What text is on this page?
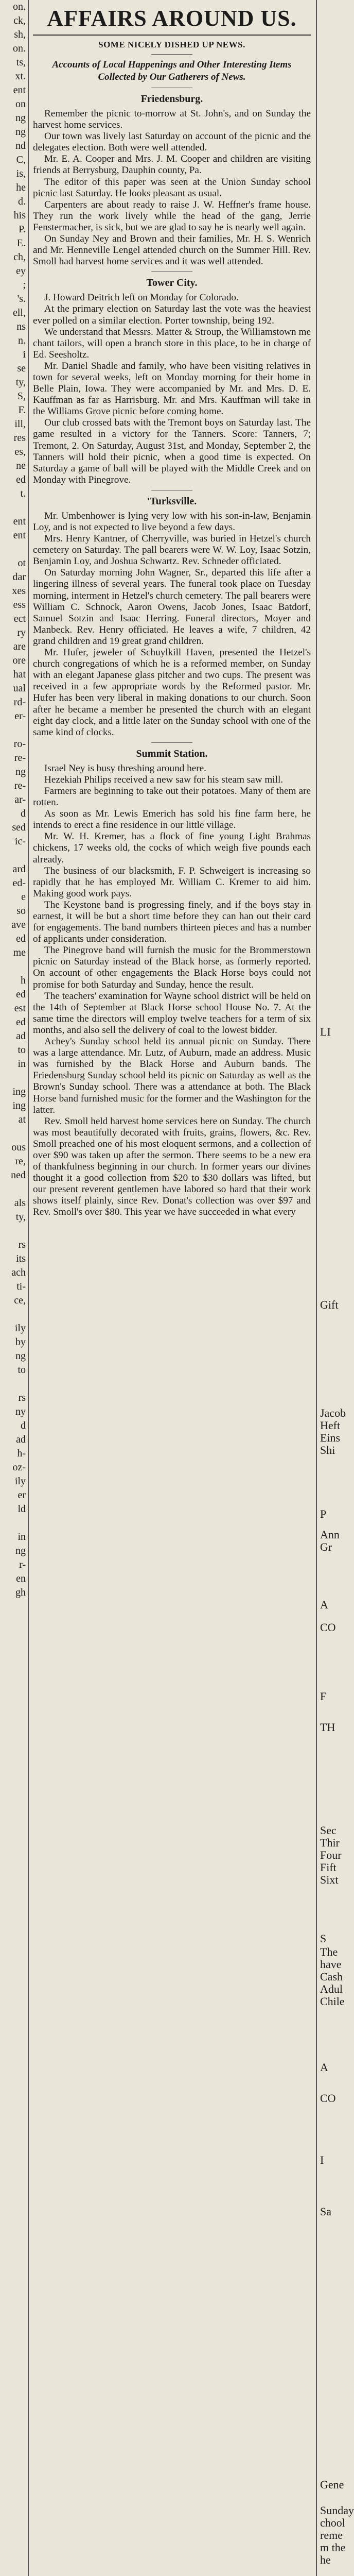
on.
ck,
sh,
on.
ts,
xt.
ent
on
ng
ng
nd
C,
is,
he
d.
his
P.
E.
ch,
ey
;
's.
ell,
ns
n.
i
se
ty,
S,
F.
ill,
res
es,
ne
ed
t.
ent
ent
ot
dar
xes
ess
ect
ry
are
ore
hat
ual
rd-
er-
ro-
re-
ng
re-
ar-
d
sed
ic-
ard
ed-
e
so
ave
ed
me
h
ed
est
ed
ad
to
in
ing
ing
at
ous
re,
ned
als
ty,
rs
its
ach
ti-
ce,
ily
by
ng
to
rs
ny
d
ad
h-
oz-
ily
er
ld
in
ng
r-
en
gh
AFFAIRS AROUND US.
SOME NICELY DISHED UP NEWS.
Accounts of Local Happenings and Other Interesting Items Collected by Our Gatherers of News.
Friedensburg.

Remember the picnic to-morrow at St. John's, and on Sunday the harvest home services.

Our town was lively last Saturday on account of the picnic and the delegates election. Both were well attended.

Mr. E. A. Cooper and Mrs. J. M. Cooper and children are visiting friends at Berrysburg, Dauphin county, Pa.

The editor of this paper was seen at the Union Sunday school picnic last Saturday. He looks pleasant as usual.

Carpenters are about ready to raise J. W. Heffner's frame house. They run the work lively while the head of the gang, Jerrie Fenstermacher, is sick, but we are glad to say he is nearly well again.

On Sunday Ney and Brown and their families, Mr. H. S. Wenrich and Mr. Henneville Lengel attended church on the Summer Hill. Rev. Smoll had harvest home services and it was well attended.

Tower City.

J. Howard Deitrich left on Monday for Colorado.

At the primary election on Saturday last the vote was the heaviest ever polled on a similar election. Porter township, being 192.

We understand that Messrs. Matter & Stroup, the Williamstown me chant tailors, will open a branch store in this place, to be in charge of Ed. Seesholtz.

Mr. Daniel Shadle and family, who have been visiting relatives in town for several weeks, left on Monday morning for their home in Belle Plain, Iowa. They were accompanied by Mr. and Mrs. D. E. Kauffman as far as Harrisburg. Mr. and Mrs. Kauffman will take in the Williams Grove picnic before coming home.

Our club crossed bats with the Tremont boys on Saturday last. The game resulted in a victory for the Tanners. Score: Tanners, 7; Tremont, 2. On Saturday, August 31st, and Monday, September 2, the Tanners will hold their picnic, when a good time is expected. On Saturday a game of ball will be played with the Middle Creek and on Monday with Pinegrove.

'Turksville.

Mr. Umbenhower is lying very low with his son-in-law, Benjamin Loy, and is not expected to live beyond a few days.

Mrs. Henry Kantner, of Cherryville, was buried in Hetzel's church cemetery on Saturday. The pall bearers were W. W. Loy, Isaac Sotzin, Benjamin Loy, and Joshua Schwartz. Rev. Schneder officiated.

On Saturday morning John Wagner, Sr., departed this life after a lingering illness of several years. The funeral took place on Tuesday morning, interment in Hetzel's church cemetery. The pall bearers were William C. Schnock, Aaron Owens, Jacob Jones, Isaac Batdorf, Samuel Sotzin and Isaac Herring. Funeral directors, Moyer and Manbeck. Rev. Henry officiated. He leaves a wife, 7 children, 42 grand children and 19 great grand children.

Mr. Hufer, jeweler of Schuylkill Haven, presented the Hetzel's church congregations of which he is a reformed member, on Sunday with an elegant Japanese glass pitcher and two cups. The present was received in a few appropriate words by the Reformed pastor. Mr. Hufer has been very liberal in making donations to our church. Soon after he became a member he presented the church with an elegant eight day clock, and a little later on the Sunday school with one of the same kind of clocks.

Summit Station.

Israel Ney is busy threshing around here.

Hezekiah Philips received a new saw for his steam saw mill.

Farmers are beginning to take out their potatoes. Many of them are rotten.

As soon as Mr. Lewis Emerich has sold his fine farm here, he intends to erect a fine residence in our little village.

Mr. W. H. Kremer, has a flock of fine young Light Brahmas chickens, 17 weeks old, the cocks of which weigh five pounds each already.

The business of our blacksmith, F. P. Schweigert is increasing so rapidly that he has employed Mr. William C. Kremer to aid him. Making good work pays.

The Keystone band is progressing finely, and if the boys stay in earnest, it will be but a short time before they can han out their card for engagements. The band numbers thirteen pieces and has a number of applicants under consideration.

The Pinegrove band will furnish the music for the Brommerstown picnic on Saturday instead of the Black horse, as formerly reported. On account of other engagements the Black Horse boys could not promise for both Saturday and Sunday, hence the result.

The teachers' examination for Wayne school district will be held on the 14th of September at Black Horse school House No. 7. At the same time the directors will employ twelve teachers for a term of six months, and also sell the delivery of coal to the lowest bidder.

Achey's Sunday school held its annual picnic on Sunday. There was a large attendance. Mr. Lutz, of Auburn, made an address. Music was furnished by the Black Horse and Auburn bands. The Friedensburg Sunday school held its picnic on Saturday as well as the Brown's Sunday school. There was a attendance at both. The Black Horse band furnished music for the former and the Washington for the latter.

Rev. Smoll held harvest home services here on Sunday. The church was most beautifully decorated with fruits, grains, flowers, &c. Rev. Smoll preached one of his most eloquent sermons, and a collection of over $90 was taken up after the sermon. There seems to be a new era of thankfulness beginning in our church. In former years our divines thought it a good collection from $20 to $30 dollars was lifted, but our present reverent gentlemen have labored so hard that their work shows itself plainly, since Rev. Donat's collection was over $97 and Rev. Smoll's over $80. This year we have succeeded in what every

LI
Gift
Jacob
Heft
Eins
Shi
P
Ann
Gr
A
CO
F
TH
Sec
Thir
Four
Fift
Sixt
S
The
have
Cash
Adul
Chile
A
CO
I
Sa
Gene
Sunday
chool
reme
m the
he
